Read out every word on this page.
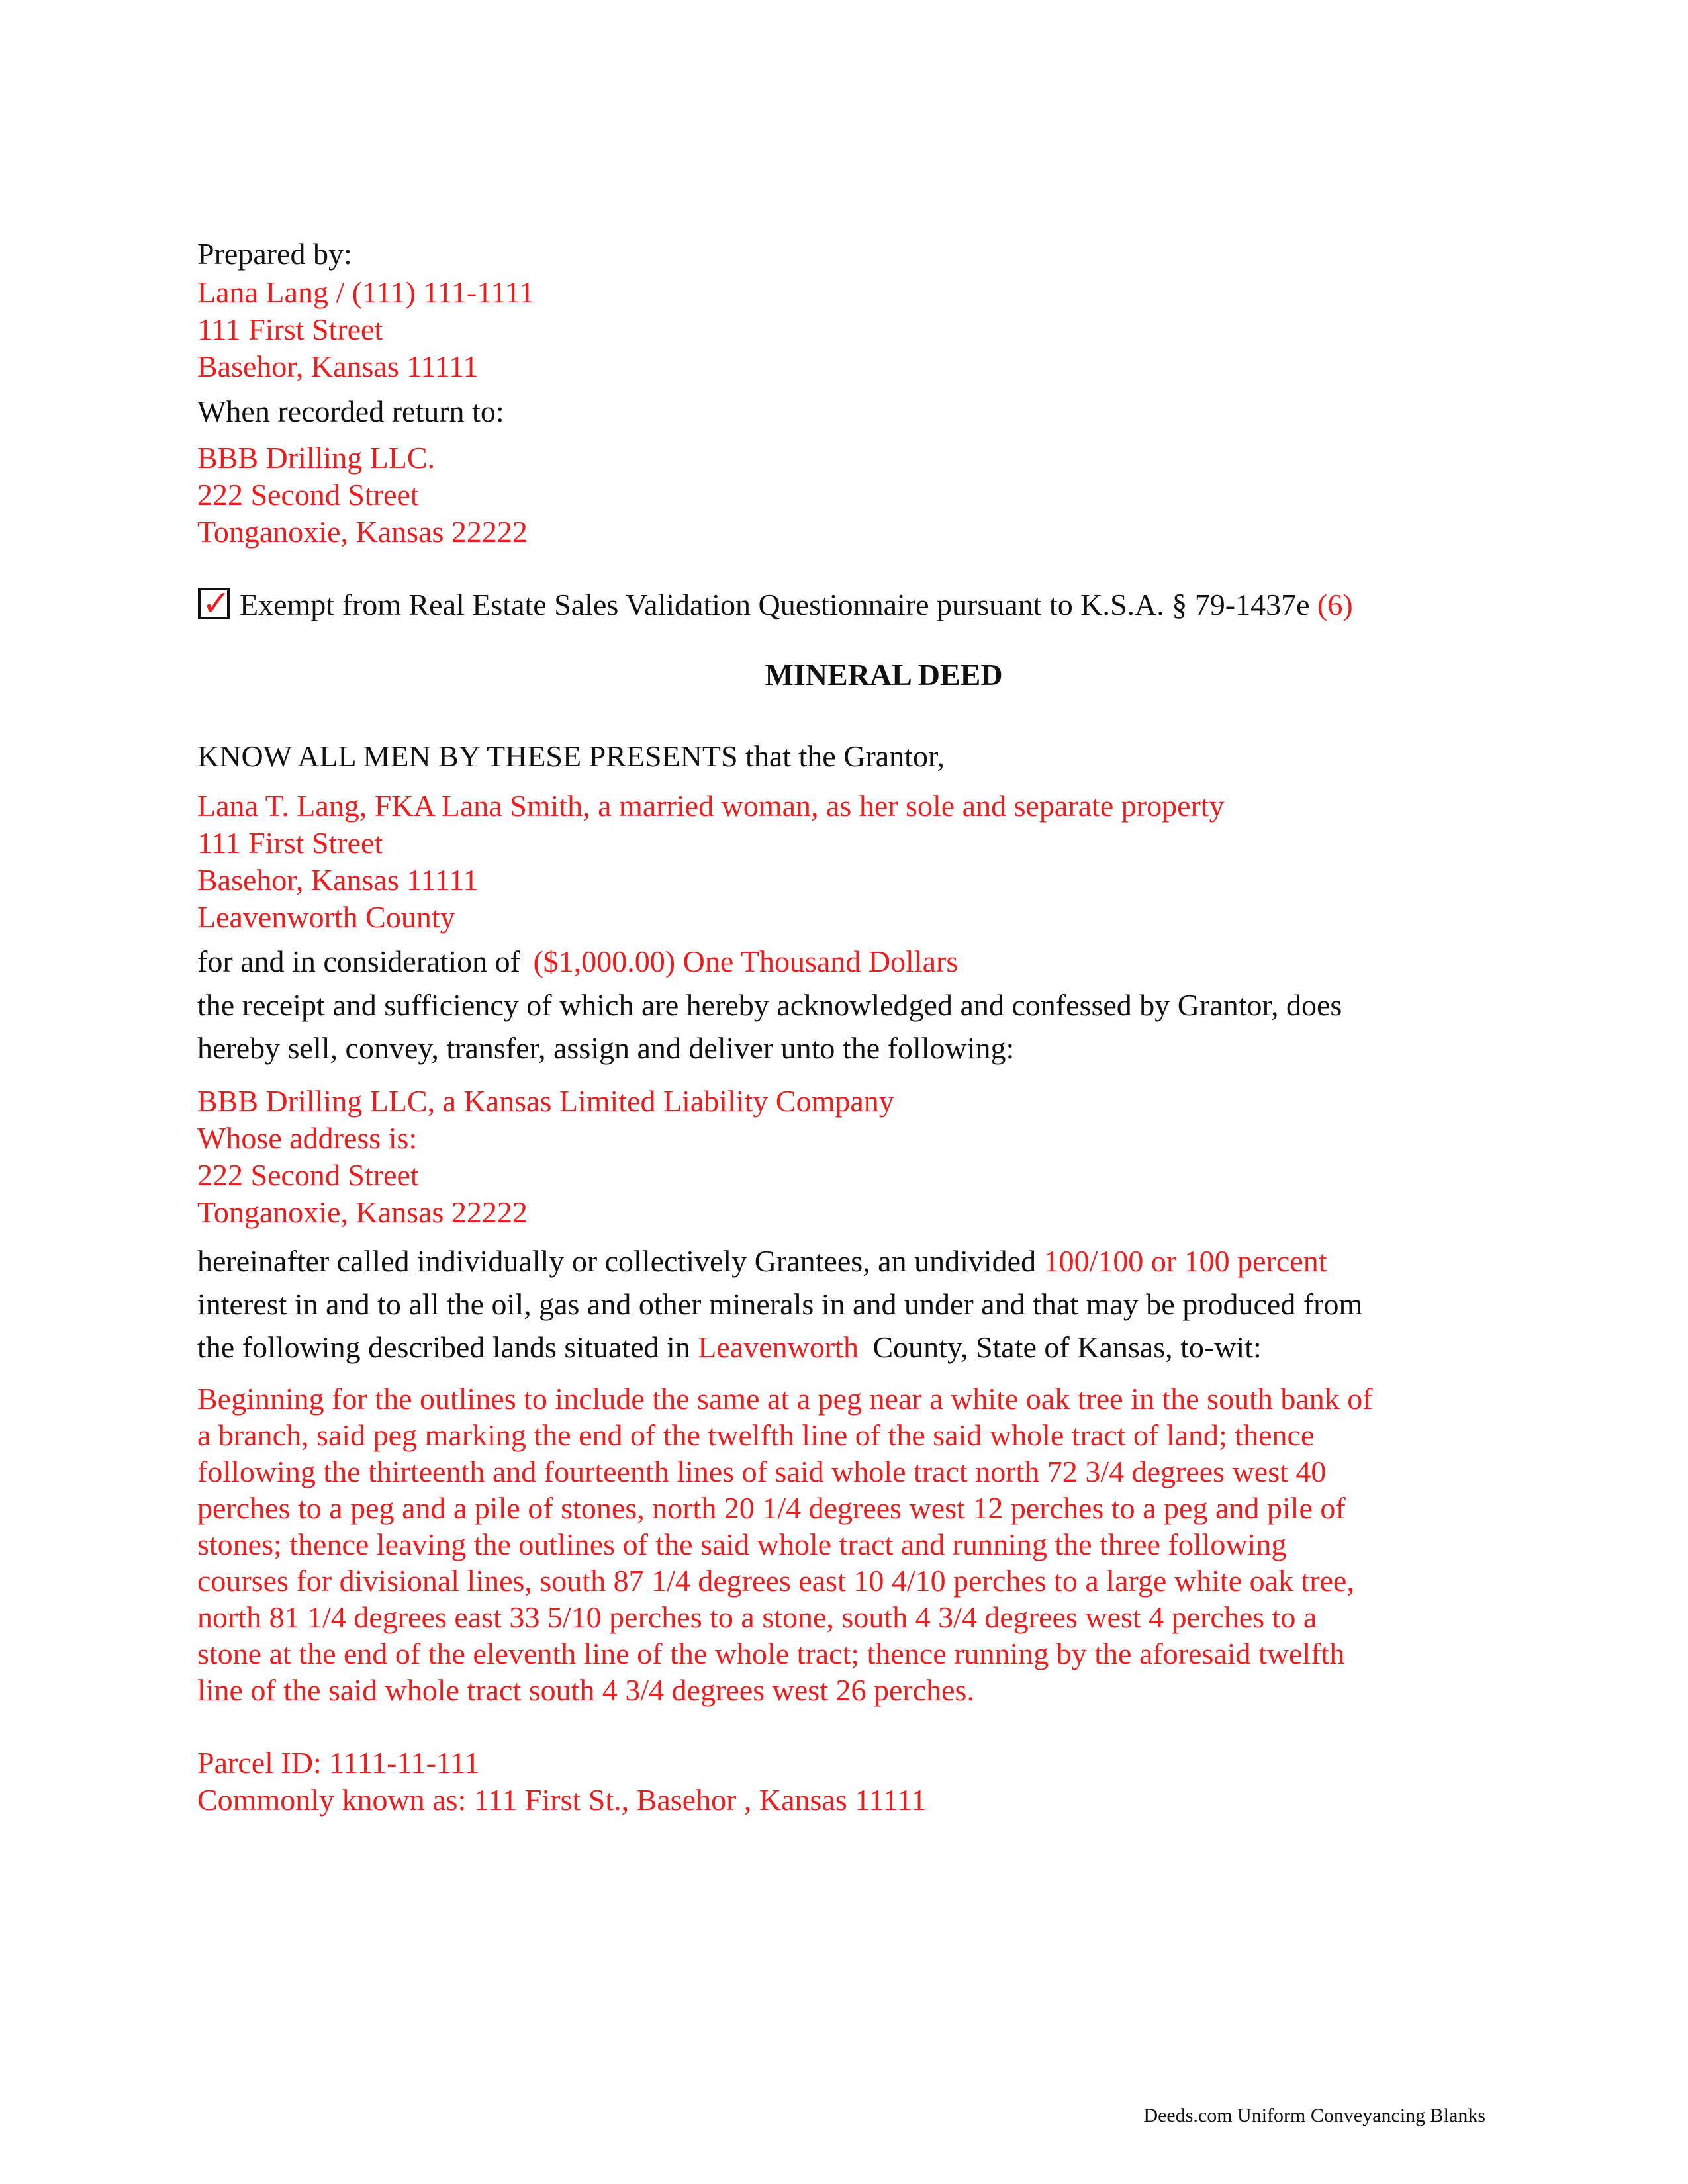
Prepared by:
Lana Lang / (111) 111-1111
111 First Street
Basehor, Kansas 11111
When recorded return to:
BBB Drilling LLC.
222 Second Street
Tonganoxie, Kansas 22222
✓ Exempt from Real Estate Sales Validation Questionnaire pursuant to K.S.A. § 79-1437e (6)
MINERAL DEED
KNOW ALL MEN BY THESE PRESENTS that the Grantor,
Lana T. Lang, FKA Lana Smith, a married woman, as her sole and separate property
111 First Street
Basehor, Kansas 11111
Leavenworth County
for and in consideration of ($1,000.00) One Thousand Dollars
the receipt and sufficiency of which are hereby acknowledged and confessed by Grantor, does
hereby sell, convey, transfer, assign and deliver unto the following:
BBB Drilling LLC, a Kansas Limited Liability Company
Whose address is:
222 Second Street
Tonganoxie, Kansas 22222
hereinafter called individually or collectively Grantees, an undivided 100/100 or 100 percent
interest in and to all the oil, gas and other minerals in and under and that may be produced from
the following described lands situated in Leavenworth County, State of Kansas, to-wit:
Beginning for the outlines to include the same at a peg near a white oak tree in the south bank of
a branch, said peg marking the end of the twelfth line of the said whole tract of land; thence
following the thirteenth and fourteenth lines of said whole tract north 72 3/4 degrees west 40
perches to a peg and a pile of stones, north 20 1/4 degrees west 12 perches to a peg and pile of
stones; thence leaving the outlines of the said whole tract and running the three following
courses for divisional lines, south 87 1/4 degrees east 10 4/10 perches to a large white oak tree,
north 81 1/4 degrees east 33 5/10 perches to a stone, south 4 3/4 degrees west 4 perches to a
stone at the end of the eleventh line of the whole tract; thence running by the aforesaid twelfth
line of the said whole tract south 4 3/4 degrees west 26 perches.
Parcel ID: 1111-11-111
Commonly known as: 111 First St., Basehor , Kansas 11111
Deeds.com Uniform Conveyancing Blanks
